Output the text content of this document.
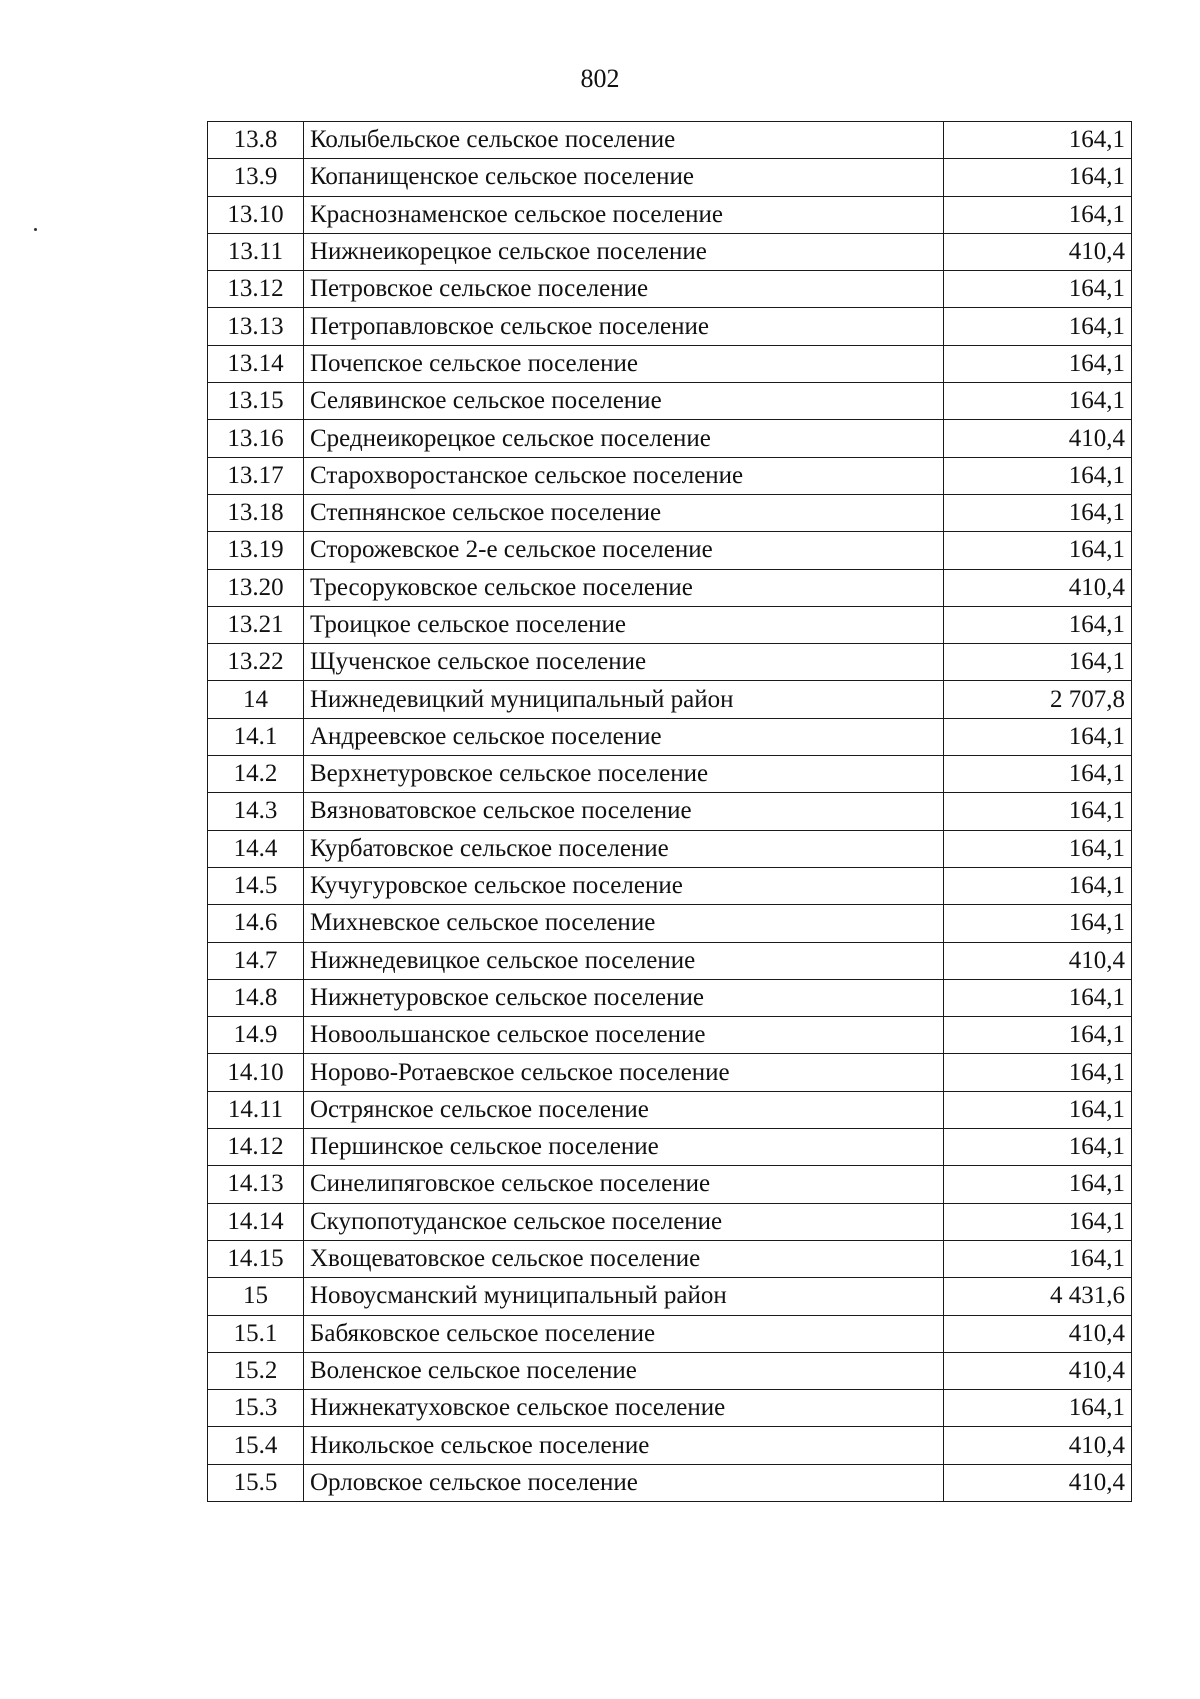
802
13.8	Колыбельское сельское поселение	164,1
13.9	Копанищенское сельское поселение	164,1
13.10	Краснознаменское сельское поселение	164,1
13.11	Нижнеикорецкое сельское поселение	410,4
13.12	Петровское сельское поселение	164,1
13.13	Петропавловское сельское поселение	164,1
13.14	Почепское сельское поселение	164,1
13.15	Селявинское сельское поселение	164,1
13.16	Среднеикорецкое сельское поселение	410,4
13.17	Старохворостанское сельское поселение	164,1
13.18	Степнянское сельское поселение	164,1
13.19	Сторожевское 2-е сельское поселение	164,1
13.20	Тресоруковское сельское поселение	410,4
13.21	Троицкое сельское поселение	164,1
13.22	Щученское сельское поселение	164,1
14	Нижнедевицкий муниципальный район	2 707,8
14.1	Андреевское сельское поселение	164,1
14.2	Верхнетуровское сельское поселение	164,1
14.3	Вязноватовское сельское поселение	164,1
14.4	Курбатовское сельское поселение	164,1
14.5	Кучугуровское сельское поселение	164,1
14.6	Михневское сельское поселение	164,1
14.7	Нижнедевицкое сельское поселение	410,4
14.8	Нижнетуровское сельское поселение	164,1
14.9	Новоольшанское сельское поселение	164,1
14.10	Норово-Ротаевское сельское поселение	164,1
14.11	Острянское сельское поселение	164,1
14.12	Першинское сельское поселение	164,1
14.13	Синелипяговское сельское поселение	164,1
14.14	Скупопотуданское сельское поселение	164,1
14.15	Хвощеватовское сельское поселение	164,1
15	Новоусманский муниципальный район	4 431,6
15.1	Бабяковское сельское поселение	410,4
15.2	Воленское сельское поселение	410,4
15.3	Нижнекатуховское сельское поселение	164,1
15.4	Никольское сельское поселение	410,4
15.5	Орловское сельское поселение	410,4
